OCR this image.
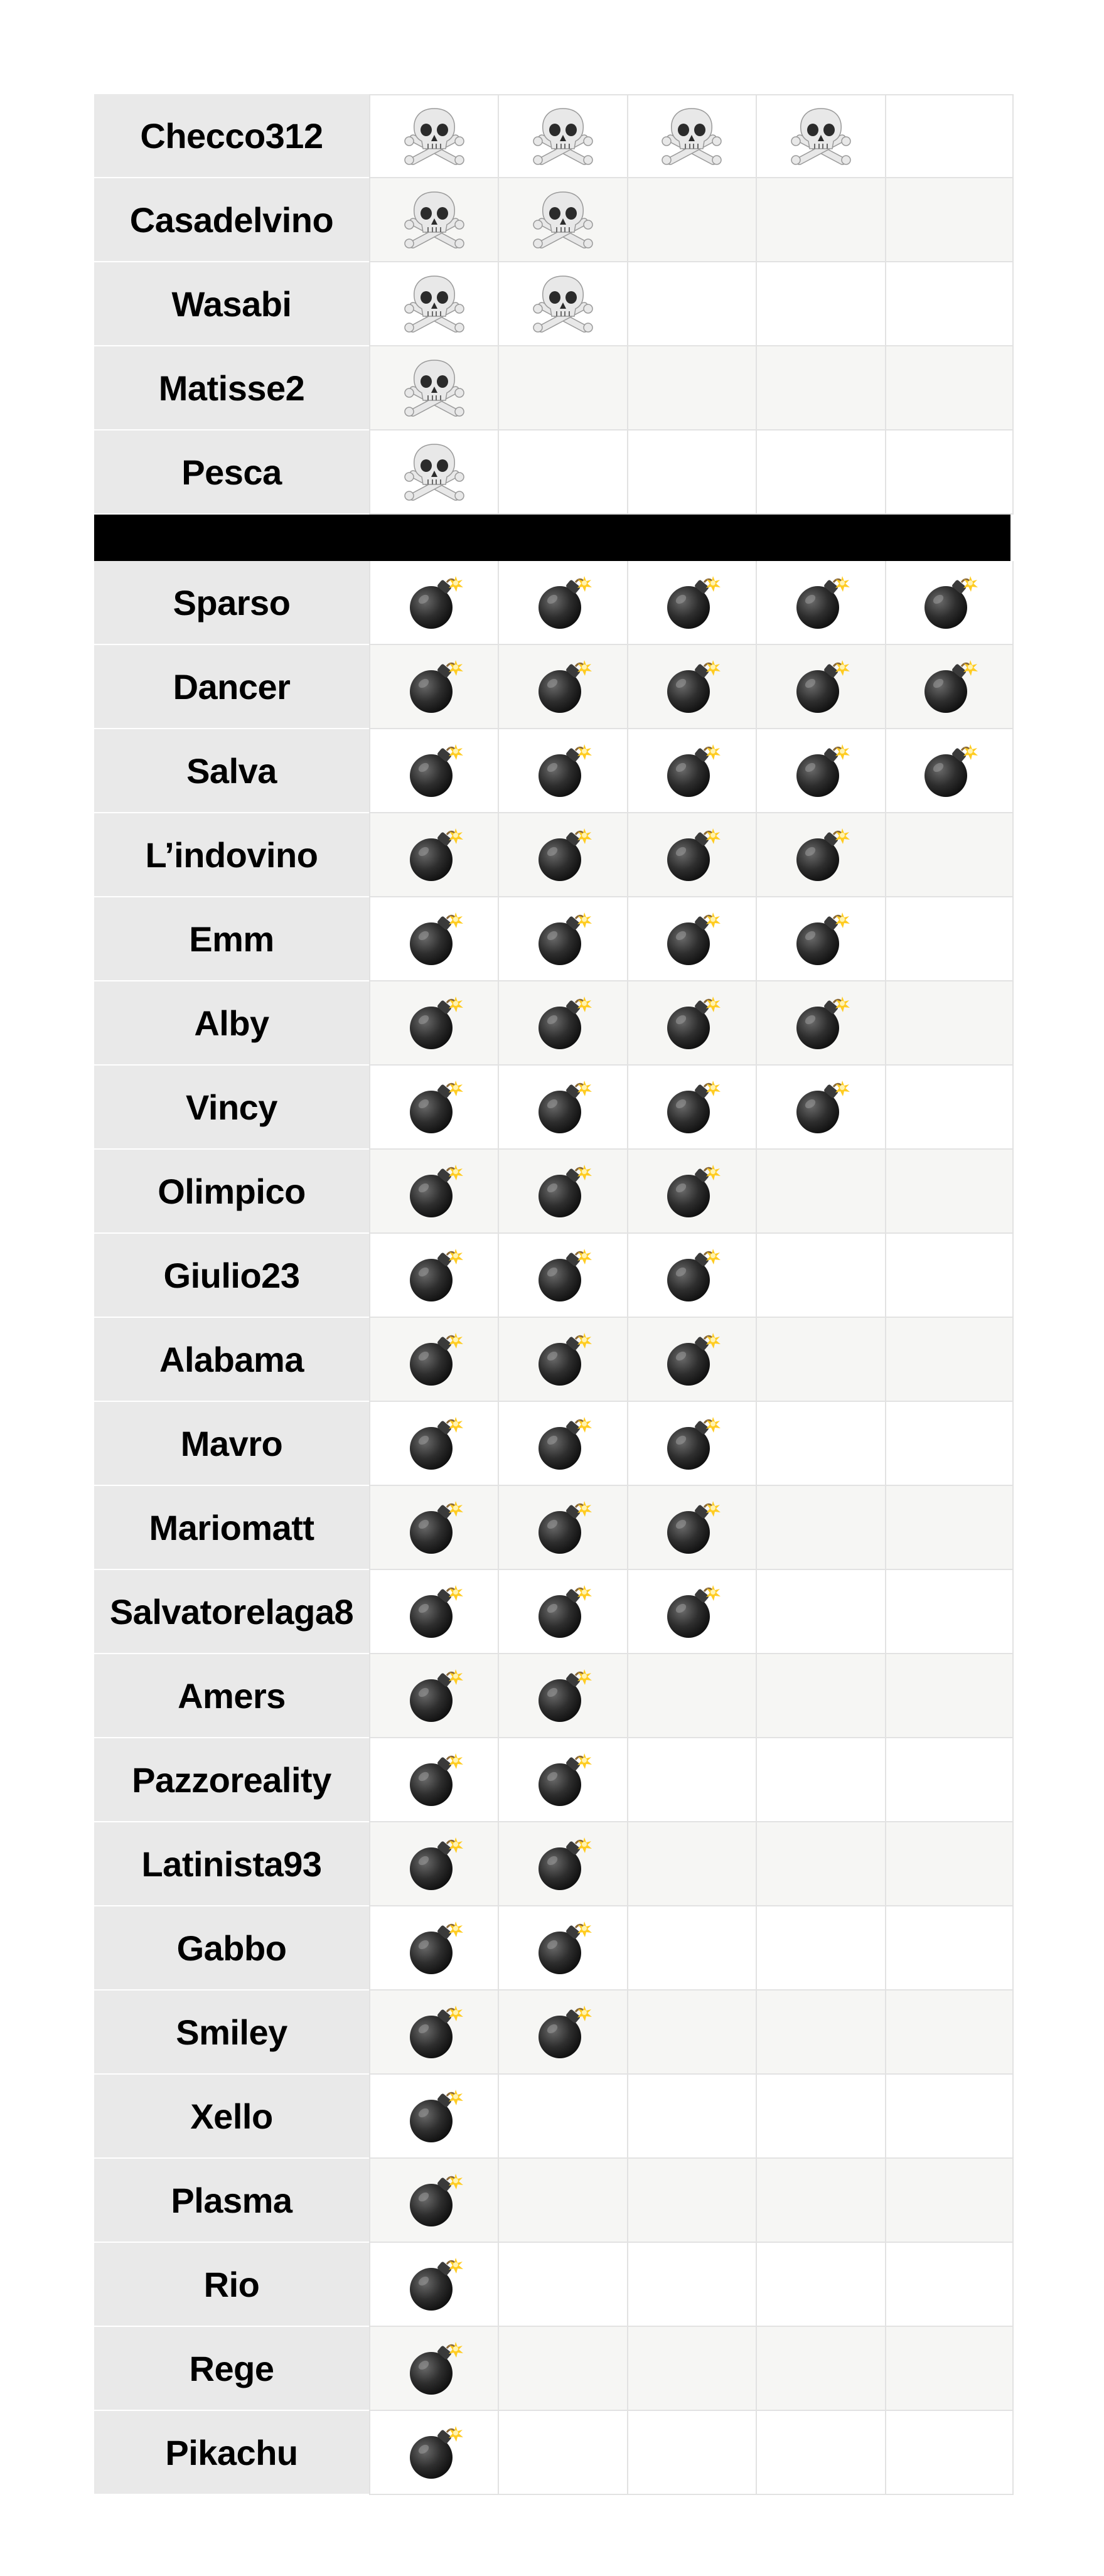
Checco312
Casadelvino
Wasabi
Matisse2
Pesca
Sparso
Dancer
Salva
L’indovino
Emm
Alby
Vincy
Olimpico
Giulio23
Alabama
Mavro
Mariomatt
Salvatorelaga8
Amers
Pazzoreality
Latinista93
Gabbo
Smiley
Xello
Plasma
Rio
Rege
Pikachu
